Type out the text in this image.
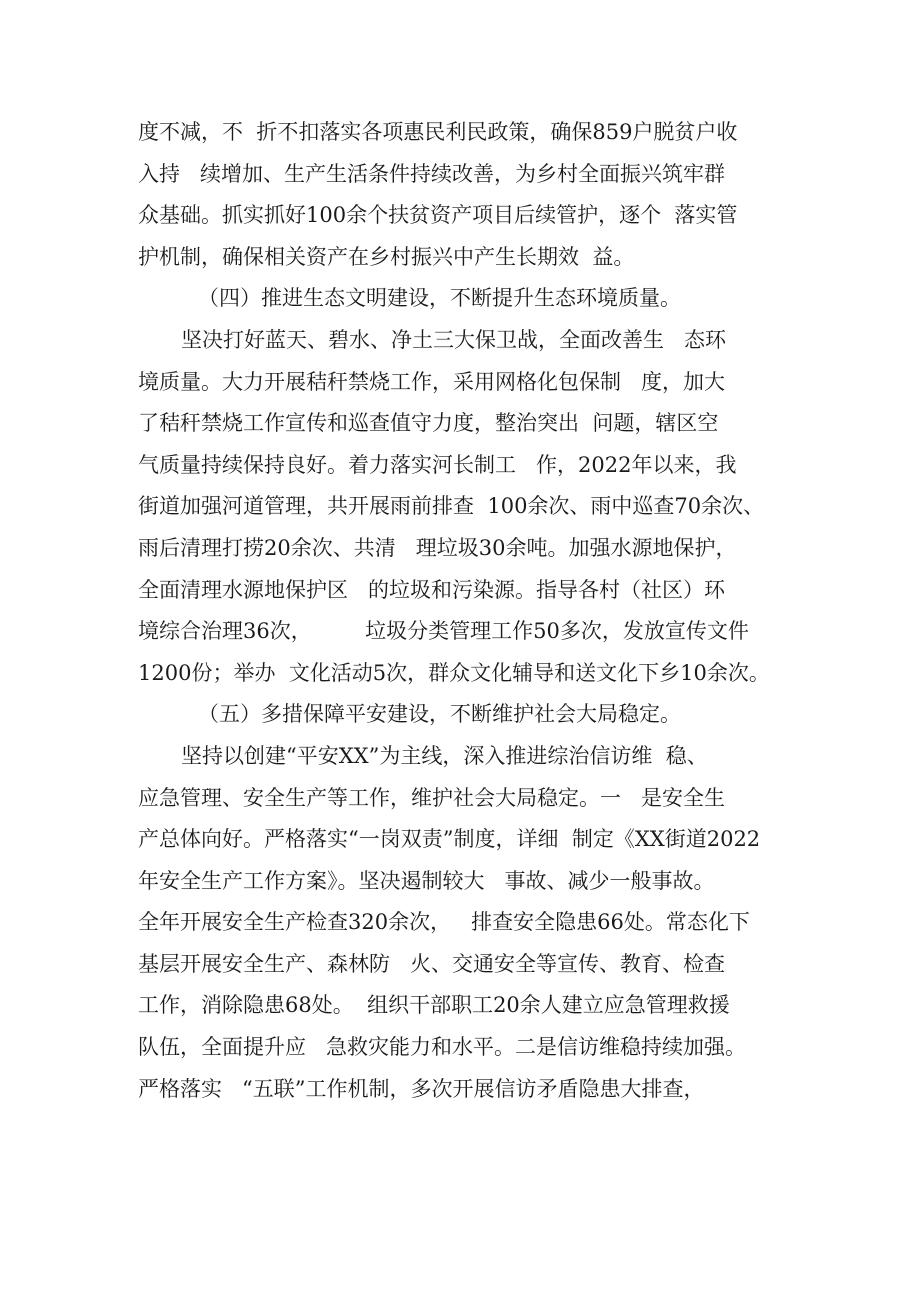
度不减，不  折不扣落实各项惠民利民政策，确保859户脱贫户收
入持   续增加、生产生活条件持续改善，为乡村全面振兴筑牢群
众基础。抓实抓好100余个扶贫资产项目后续管护，逐个  落实管
护机制，确保相关资产在乡村振兴中产生长期效  益。
（四）推进生态文明建设，不断提升生态环境质量。
坚决打好蓝天、碧水、净土三大保卫战，全面改善生   态环
境质量。大力开展秸秆禁烧工作，采用网格化包保制   度，加大
了秸秆禁烧工作宣传和巡查值守力度，整治突出  问题，辖区空
气质量持续保持良好。着力落实河长制工   作，2022年以来，我
街道加强河道管理，共开展雨前排查  100余次、雨中巡查70余次、
雨后清理打捞20余次、共清   理垃圾30余吨。加强水源地保护，
全面清理水源地保护区   的垃圾和污染源。指导各村（社区）环
境综合治理36次，        垃圾分类管理工作50多次，发放宣传文件
1200份；举办  文化活动5次，群众文化辅导和送文化下乡10余次。
（五）多措保障平安建设，不断维护社会大局稳定。
坚持以创建“平安XX”为主线，深入推进综治信访维  稳、
应急管理、安全生产等工作，维护社会大局稳定。一   是安全生
产总体向好。严格落实“一岗双责”制度，详细  制定《XX街道2022
年安全生产工作方案》。坚决遏制较大   事故、减少一般事故。
全年开展安全生产检查320余次，   排查安全隐患66处。常态化下
基层开展安全生产、森林防   火、交通安全等宣传、教育、检查
工作，消除隐患68处。  组织干部职工20余人建立应急管理救援
队伍，全面提升应   急救灾能力和水平。二是信访维稳持续加强。
严格落实   “五联”工作机制，多次开展信访矛盾隐患大排查，
